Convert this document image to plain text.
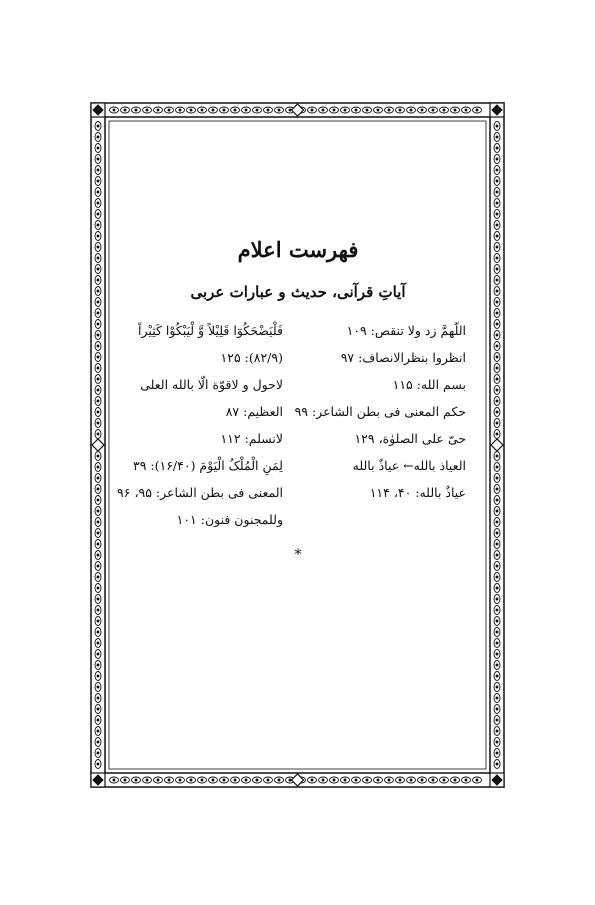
فهرست اعلام
آیاتِ قرآنی، حدیث و عبارات عربی
اللّهمَّ زد ولا تنقص: ۱۰۹
انظروا بنظرالانصاف: ۹۷
بسم الله: ۱۱۵
حکم المعنی فی بطن الشاعر: ۹۹
حیّ علی الصلوٰة، ۱۲۹
العیاذ بالله← عیاذٌ بالله
عیاذٌ بالله: ۴۰، ۱۱۴
فَلْیَضْحَکُوٓا قَلِیْلاً وَّ لْیَبْکُوْا کَثِیْراً
(۸۲/۹): ۱۲۵
لاحول و لاقوّة الّا بالله العلی
العظیم: ۸۷
لانسلم: ۱۱۲
لِمَنِ الْمُلْکُ الْیَوْمَ (۱۶/۴۰): ۳۹
المعنی فی بطن الشاعر: ۹۵، ۹۶
وللمجنون فنون: ۱۰۱
*
